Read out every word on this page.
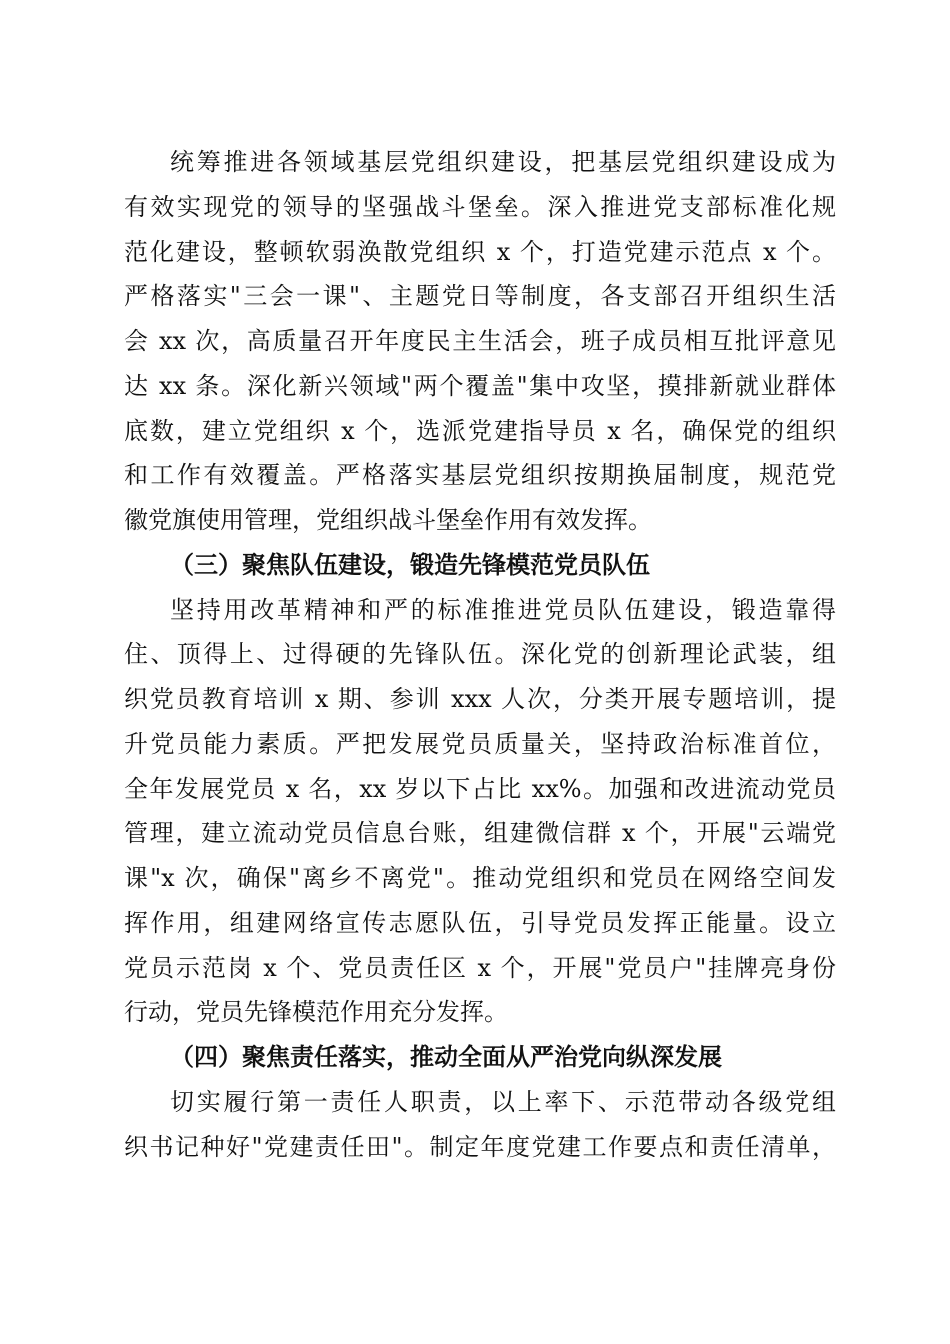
统筹推进各领域基层党组织建设，把基层党组织建设成为
有效实现党的领导的坚强战斗堡垒。深入推进党支部标准化规
范化建设，整顿软弱涣散党组织 x 个，打造党建示范点 x 个。
严格落实"三会一课"、主题党日等制度，各支部召开组织生活
会 xx 次，高质量召开年度民主生活会，班子成员相互批评意见
达 xx 条。深化新兴领域"两个覆盖"集中攻坚，摸排新就业群体
底数，建立党组织 x 个，选派党建指导员 x 名，确保党的组织
和工作有效覆盖。严格落实基层党组织按期换届制度，规范党
徽党旗使用管理，党组织战斗堡垒作用有效发挥。
（三）聚焦队伍建设，锻造先锋模范党员队伍
坚持用改革精神和严的标准推进党员队伍建设，锻造靠得
住、顶得上、过得硬的先锋队伍。深化党的创新理论武装，组
织党员教育培训 x 期、参训 xxx 人次，分类开展专题培训，提
升党员能力素质。严把发展党员质量关，坚持政治标准首位，
全年发展党员 x 名，xx 岁以下占比 xx%。加强和改进流动党员
管理，建立流动党员信息台账，组建微信群 x 个，开展"云端党
课"x 次，确保"离乡不离党"。推动党组织和党员在网络空间发
挥作用，组建网络宣传志愿队伍，引导党员发挥正能量。设立
党员示范岗 x 个、党员责任区 x 个，开展"党员户"挂牌亮身份
行动，党员先锋模范作用充分发挥。
（四）聚焦责任落实，推动全面从严治党向纵深发展
切实履行第一责任人职责，以上率下、示范带动各级党组
织书记种好"党建责任田"。制定年度党建工作要点和责任清单，
